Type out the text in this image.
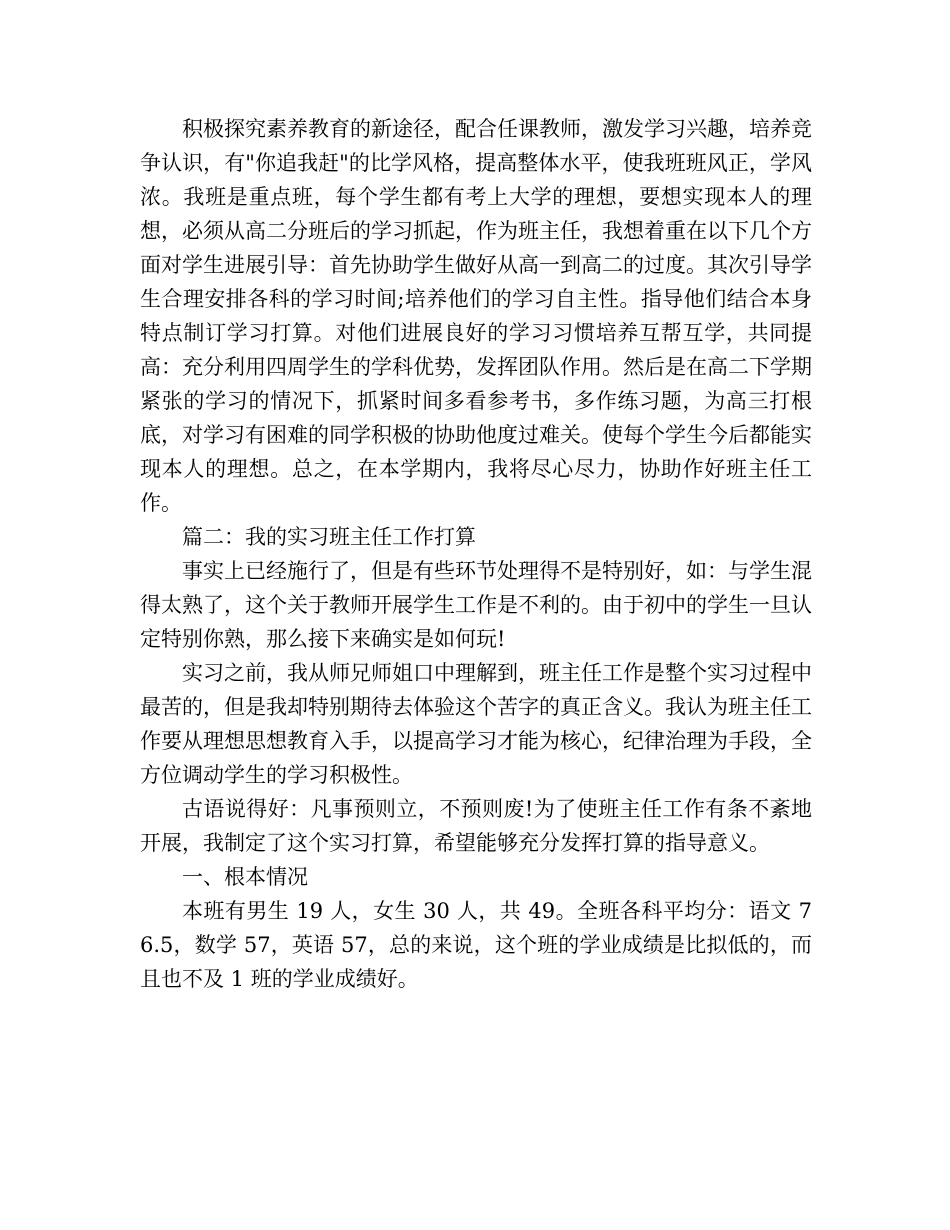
积极探究素养教育的新途径，配合任课教师，激发学习兴趣，培养竞争认识，有"你追我赶"的比学风格，提高整体水平，使我班班风正，学风浓。我班是重点班，每个学生都有考上大学的理想，要想实现本人的理想，必须从高二分班后的学习抓起，作为班主任，我想着重在以下几个方面对学生进展引导：首先协助学生做好从高一到高二的过度。其次引导学生合理安排各科的学习时间;培养他们的学习自主性。指导他们结合本身特点制订学习打算。对他们进展良好的学习习惯培养互帮互学，共同提高：充分利用四周学生的学科优势，发挥团队作用。然后是在高二下学期紧张的学习的情况下，抓紧时间多看参考书，多作练习题，为高三打根底，对学习有困难的同学积极的协助他度过难关。使每个学生今后都能实现本人的理想。总之，在本学期内，我将尽心尽力，协助作好班主任工作。

篇二：我的实习班主任工作打算

事实上已经施行了，但是有些环节处理得不是特别好，如：与学生混得太熟了，这个关于教师开展学生工作是不利的。由于初中的学生一旦认定特别你熟，那么接下来确实是如何玩!

实习之前，我从师兄师姐口中理解到，班主任工作是整个实习过程中最苦的，但是我却特别期待去体验这个苦字的真正含义。我认为班主任工作要从理想思想教育入手，以提高学习才能为核心，纪律治理为手段，全方位调动学生的学习积极性。

古语说得好：凡事预则立，不预则废!为了使班主任工作有条不紊地开展，我制定了这个实习打算，希望能够充分发挥打算的指导意义。

一、根本情况

本班有男生 19 人，女生 30 人，共 49。全班各科平均分：语文 76.5，数学 57，英语 57，总的来说，这个班的学业成绩是比拟低的，而且也不及 1 班的学业成绩好。
